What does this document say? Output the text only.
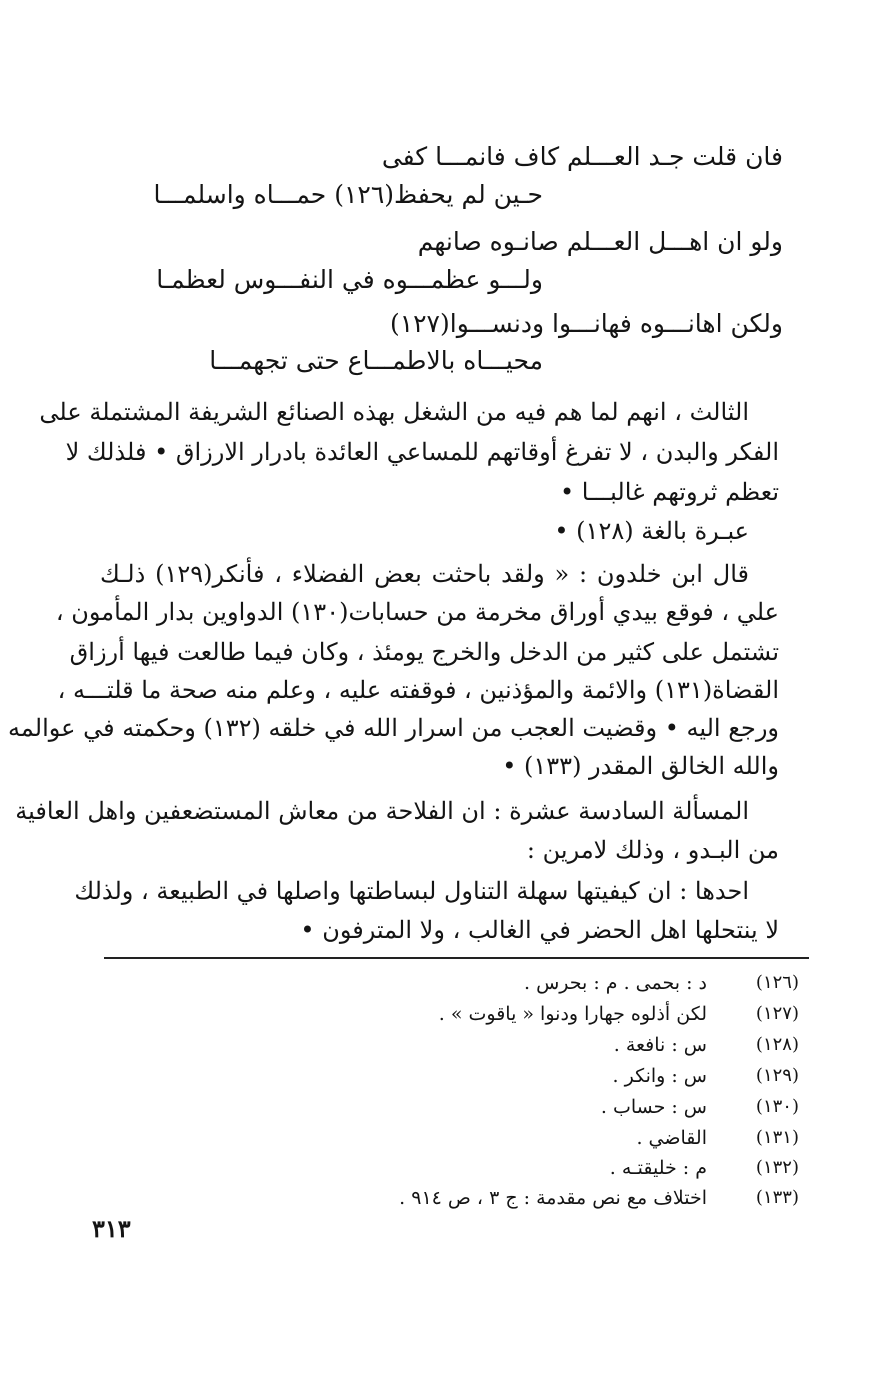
فان قلت جـد العـــلم كاف فانمـــا كفى
حـين لم يحفظ(١٢٦) حمـــاه واسلمـــا
ولو ان اهـــل العـــلم صانـوه صانهم
ولـــو عظمـــوه في النفـــوس لعظمـا
ولكن اهانـــوه فهانـــوا ودنســـوا(١٢٧)
محيـــاه بالاطمـــاع حتى تجهمـــا
الثالث ، انهم لما هم فيه من الشغل بهذه الصنائع الشريفة المشتملة على
الفكر والبدن ، لا تفرغ أوقاتهم للمساعي العائدة بادرار الارزاق • فلذلك لا
تعظم ثروتهم غالبـــا •
عبـرة بالغة (١٢٨) •
قال ابن خلدون : « ولقد باحثت بعض الفضلاء ، فأنكر(١٢٩) ذلـك
علي ، فوقع بيدي أوراق مخرمة من حسابات(١٣٠) الدواوين بدار المأمون ،
تشتمل على كثير من الدخل والخرج يومئذ ، وكان فيما طالعت فيها أرزاق
القضاة(١٣١) والائمة والمؤذنين ، فوقفته عليه ، وعلم منه صحة ما قلتـــه ،
ورجع اليه • وقضيت العجب من اسرار الله في خلقه (١٣٢) وحكمته في عوالمه
والله الخالق المقدر (١٣٣) •
المسألة السادسة عشرة : ان الفلاحة من معاش المستضعفين واهل العافية
من البـدو ، وذلك لامرين :
احدها : ان كيفيتها سهلة التناول لبساطتها واصلها في الطبيعة ، ولذلك
لا ينتحلها اهل الحضر في الغالب ، ولا المترفون •
(١٢٦)
د : بحمى . م : بحرس .
(١٢٧)
لكن أذلوه جهارا ودنوا « ياقوت » .
(١٢٨)
س : نافعة .
(١٢٩)
س : وانكر .
(١٣٠)
س : حساب .
(١٣١)
القاضي .
(١٣٢)
م : خليقتـه .
(١٣٣)
اختلاف مع نص مقدمة : ج ٣ ، ص ٩١٤ .
٣١٣
